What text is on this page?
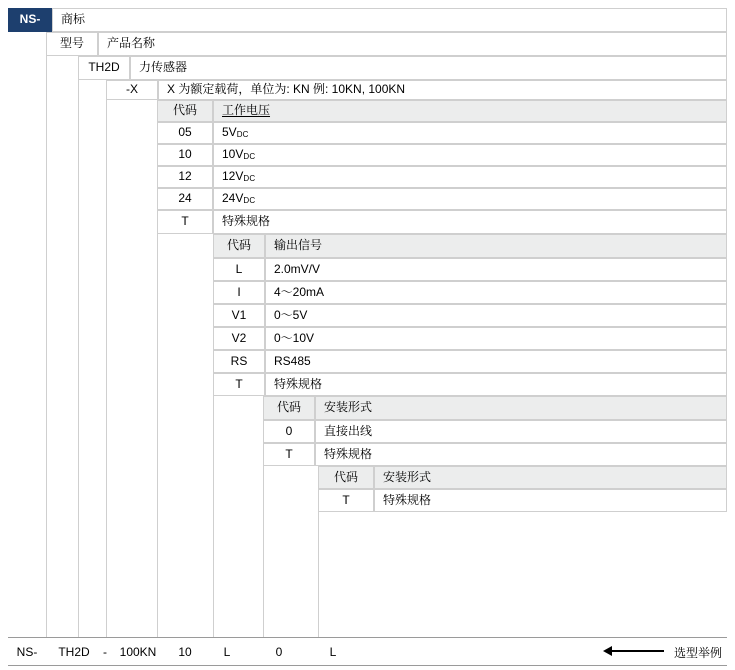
NS-	商标
型号	产品名称
TH2D	力传感器
-X	X 为额定载荷，单位为: KN 例: 10KN, 100KN
代码	工作电压
05	5V DC
10	10V DC
12	12V DC
24	24V DC
T	特殊规格
代码	输出信号
L	2.0mV/V
I	4～20mA
V1	0～5V
V2	0～10V
RS	RS485
T	特殊规格
代码	安装形式
0	直接出线
T	特殊规格
代码	安装形式
T	特殊规格
NS-	TH2D	-	100KN	10	L	0	L	选型举例
